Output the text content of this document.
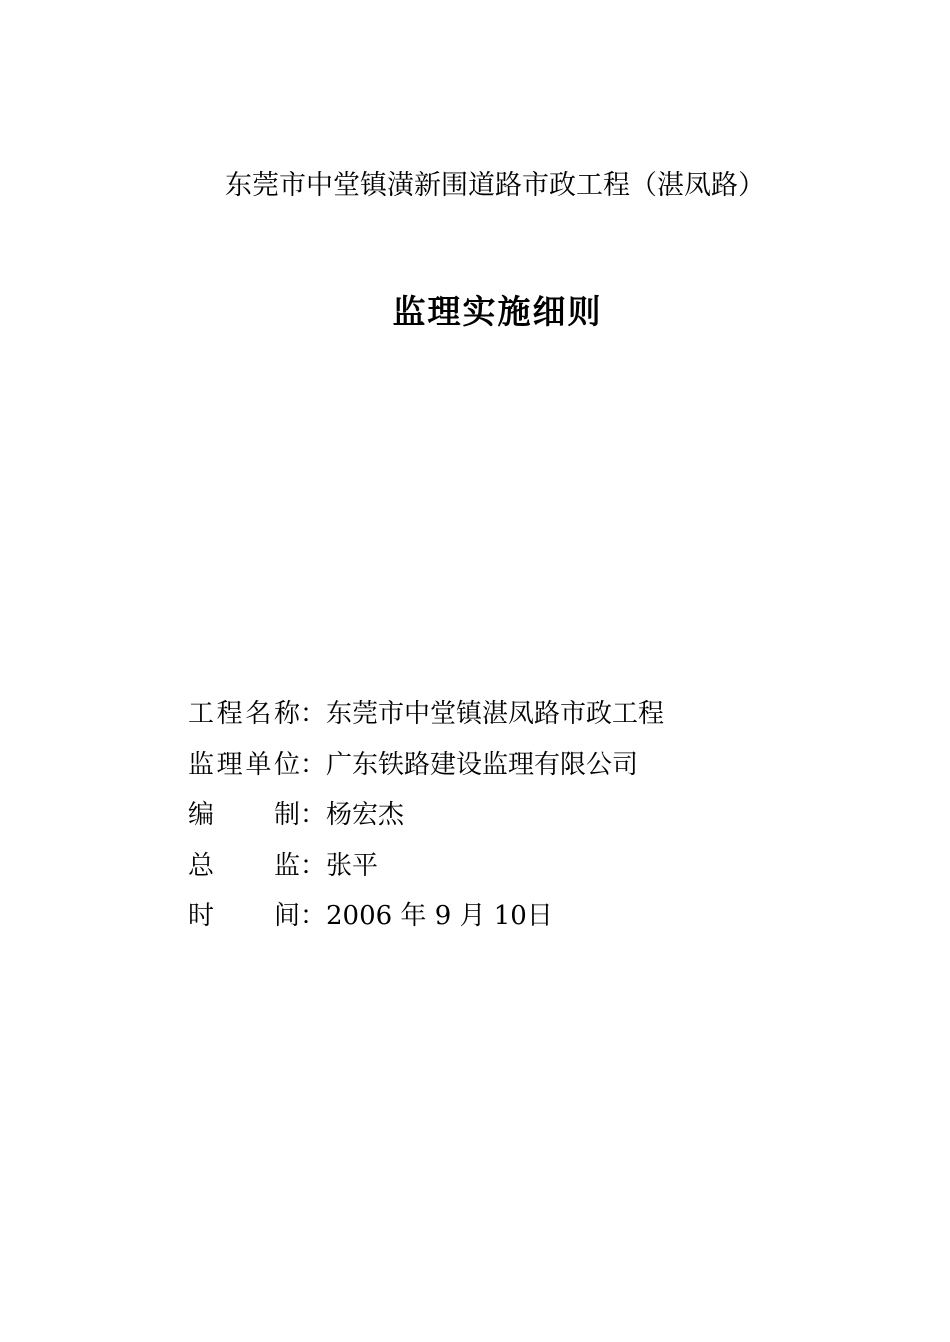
东莞市中堂镇潢新围道路市政工程（湛凤路）
监理实施细则
工程名称 ： 东莞市中堂镇湛凤路市政工程
监理单位 ： 广东铁路建设监理有限公司
编制 ： 杨宏杰
总监 ： 张平
时间 ： 2006 年 9 月 10日
